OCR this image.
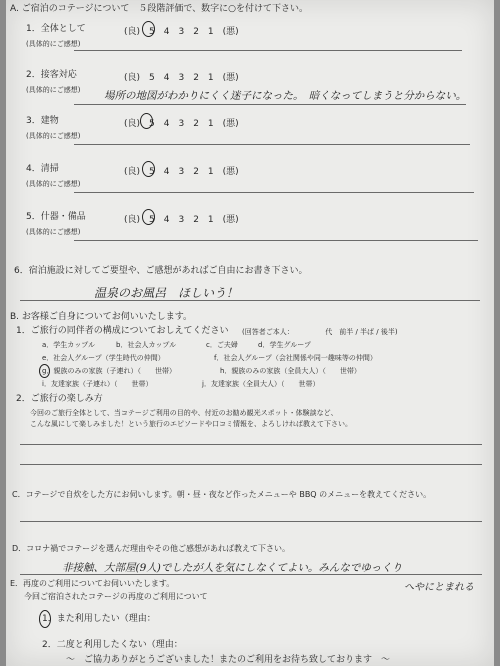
A. ご宿泊のコテージについて　５段階評価で、数字に○を付けて下さい。
1．全体として	(良)　5　4　3　2　1　(悪)
(具体的にご感想)
2．接客対応	(良)　5　4　3　2　1　(悪)
(具体的にご感想) 場所の地図がわかりにくく迷子になった。　暗くなってしまうと分からない。
3．建物	(良)　5　4　3　2　1　(悪)
(具体的にご感想)
4．清掃	(良)　5　4　3　2　1　(悪)
(具体的にご感想)
5．什器・備品	(良)　5　4　3　2　1　(悪)
(具体的にご感想)
6．宿泊施設に対してご要望や、ご感想があればご自由にお書き下さい。
温泉のお風呂　ほしいう！
B. お客様ご自身についてお伺いいたします。
1．ご旅行の同伴者の構成についておしえてください (回答者ご本人：　　　　　代　前半 / 半ば / 後半)
a．学生カップル	b．社会人カップル	c．ご夫婦	d．学生グループ
e．社会人グループ（学生時代の仲間）	f．社会人グループ（会社関係や同一趣味等の仲間）
g．親族のみの家族（子連れ）（　　世帯）	h．親族のみの家族（全員大人）（　　世帯）
i．友達家族（子連れ）（　　世帯）	j．友達家族（全員大人）（　　世帯）
2．ご旅行の楽しみ方
今回のご旅行全体として、当コテージご利用の目的や、付近のお勧め観光スポット・体験談など、
こんな風にして楽しみました！という旅行のエピソードや口コミ情報を、よろしければ教えて下さい。
C．コテージで自炊をした方にお伺いします。朝・昼・夜など作ったメニューや BBQ のメニューを教えてください。
D．コロナ禍でコテージを選んだ理由やその他ご感想があれば教えて下さい。
非接触、大部屋(9人)でしたが人を気にしなくてよい。みんなでゆっくり
へやにとまれる
E．再度のご利用についてお伺いいたします。
今回ご宿泊されたコテージの再度のご利用について
1．また利用したい（理由：
2．二度と利用したくない（理由：
～　ご協力ありがとうございました！またのご利用をお待ち致しております　～
